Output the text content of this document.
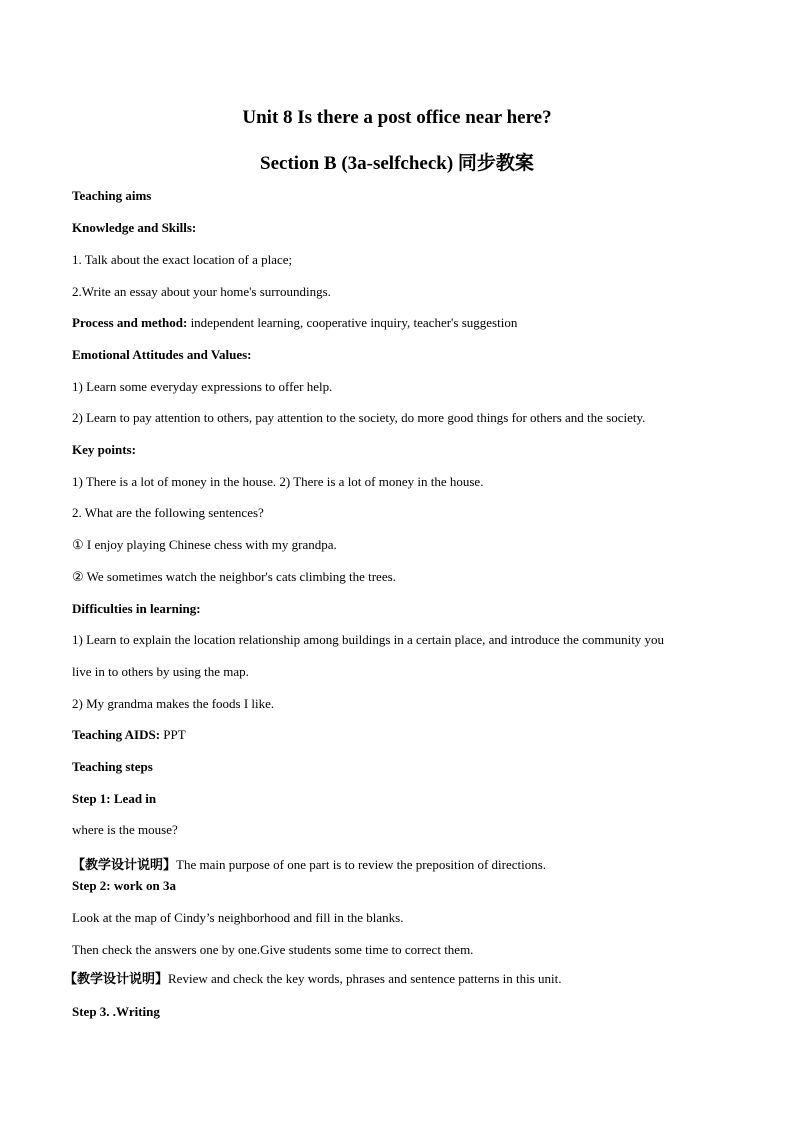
Unit 8 Is there a post office near here?
Section B (3a-selfcheck) 同步教案
Teaching aims
Knowledge and Skills:
1. Talk about the exact location of a place;
2.Write an essay about your home's surroundings.
Process and method: independent learning, cooperative inquiry, teacher's suggestion
Emotional Attitudes and Values:
1) Learn some everyday expressions to offer help.
2) Learn to pay attention to others, pay attention to the society, do more good things for others and the society.
Key points:
1) There is a lot of money in the house. 2) There is a lot of money in the house.
2. What are the following sentences?
① I enjoy playing Chinese chess with my grandpa.
② We sometimes watch the neighbor's cats climbing the trees.
Difficulties in learning:
1) Learn to explain the location relationship among buildings in a certain place, and introduce the community you
live in to others by using the map.
2) My grandma makes the foods I like.
Teaching AIDS: PPT
Teaching steps
Step 1: Lead in
where is the mouse?
【教学设计说明】The main purpose of one part is to review the preposition of directions.
Step 2: work on 3a
Look at the map of Cindy’s neighborhood and fill in the blanks.
Then check the answers one by one.Give students some time to correct them.
【教学设计说明】Review and check the key words, phrases and sentence patterns in this unit.
Step 3. .Writing
